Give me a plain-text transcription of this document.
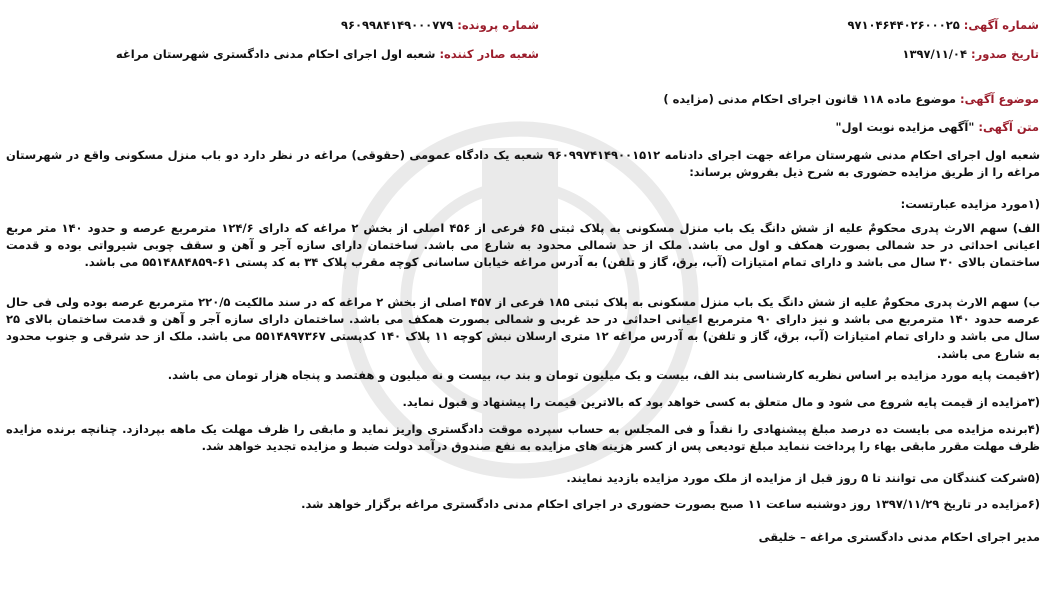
شماره آگهی: ۹۷۱۰۴۶۴۴۰۲۶۰۰۰۲۵
شماره پرونده: ۹۶۰۹۹۸۴۱۴۹۰۰۰۷۷۹
تاریخ صدور: ۱۳۹۷/۱۱/۰۴
شعبه صادر کننده: شعبه اول اجرای احکام مدنی دادگستری شهرستان مراغه
موضوع آگهی: موضوع ماده ۱۱۸ قانون اجرای احکام مدنی (مزایده )
متن آگهی: "آگهی مزایده نوبت اول"
شعبه اول اجرای احکام مدنی شهرستان مراغه جهت اجرای دادنامه ۹۶۰۹۹۷۴۱۴۹۰۰۱۵۱۲ شعبه یک دادگاه عمومی (حقوقی) مراغه در نظر دارد دو باب منزل مسکونی واقع در شهرستان مراغه را از طریق مزایده حضوری به شرح ذیل بفروش برساند:
(۱مورد مزایده عبارتست:
الف) سهم الارث پدری محکومٌ علیه از شش دانگ یک باب منزل مسکونی به پلاک ثبتی ۶۵ فرعی از ۴۵۶ اصلی از بخش ۲ مراغه که دارای ۱۲۴/۶ مترمربع عرصه و حدود ۱۴۰ متر مربع اعیانی احداثی در حد شمالی بصورت همکف و اول می باشد. ملک از حد شمالی محدود به شارع می باشد. ساختمان دارای سازه آجر و آهن و سقف چوبی شیرواتی بوده و قدمت ساختمان بالای ۳۰ سال می باشد و دارای تمام امتیازات (آب، برق، گاز و تلفن) به آدرس مراغه خیابان ساسانی کوچه مقرب پلاک ۳۴ به کد پستی ۶۱-۵۵۱۴۸۸۴۸۵۹ می باشد.
ب) سهم الارث پدری محکومٌ علیه از شش دانگ یک باب منزل مسکونی به پلاک ثبتی ۱۸۵ فرعی از ۴۵۷ اصلی از بخش ۲ مراغه که در سند مالکیت ۲۲۰/۵ مترمربع عرصه بوده ولی فی حال عرصه حدود ۱۴۰ مترمربع می باشد و نیز دارای ۹۰ مترمربع اعیانی احداثی در حد غربی و شمالی بصورت همکف می باشد. ساختمان دارای سازه آجر و آهن و قدمت ساختمان بالای ۲۵ سال می باشد و دارای تمام امتیازات (آب، برق، گاز و تلفن) به آدرس مراغه ۱۲ متری ارسلان نبش کوچه ۱۱ پلاک ۱۴۰ کدپستی ۵۵۱۴۸۹۷۳۶۷ می باشد. ملک از حد شرقی و جنوب محدود به شارع می باشد.
(۲قیمت پایه مورد مزایده بر اساس نظریه کارشناسی بند الف، بیست و یک میلیون تومان و بند ب، بیست و نه میلیون و هفتصد و پنجاه هزار تومان می باشد.
(۳مزایده از قیمت پایه شروع می شود و مال متعلق به کسی خواهد بود که بالاترین قیمت را پیشنهاد و قبول نماید.
(۴برنده مزایده می بایست ده درصد مبلغ پیشنهادی را نقداً و فی المجلس به حساب سپرده موقت دادگستری واریز نماید و مابقی را ظرف مهلت یک ماهه بپردازد. چنانچه برنده مزایده ظرف مهلت مقرر مابقی بهاء را پرداخت ننماید مبلغ تودیعی پس از کسر هزینه های مزایده به نفع صندوق درآمد دولت ضبط و مزایده تجدید خواهد شد.
(۵شرکت کنندگان می توانند تا ۵ روز قبل از مزایده از ملک مورد مزایده بازدید نمایند.
(۶مزایده در تاریخ ۱۳۹۷/۱۱/۲۹ روز دوشنبه ساعت ۱۱ صبح بصورت حضوری در اجرای احکام مدنی دادگستری مراغه برگزار خواهد شد.
مدیر اجرای احکام مدنی دادگستری مراغه – خلیقی
